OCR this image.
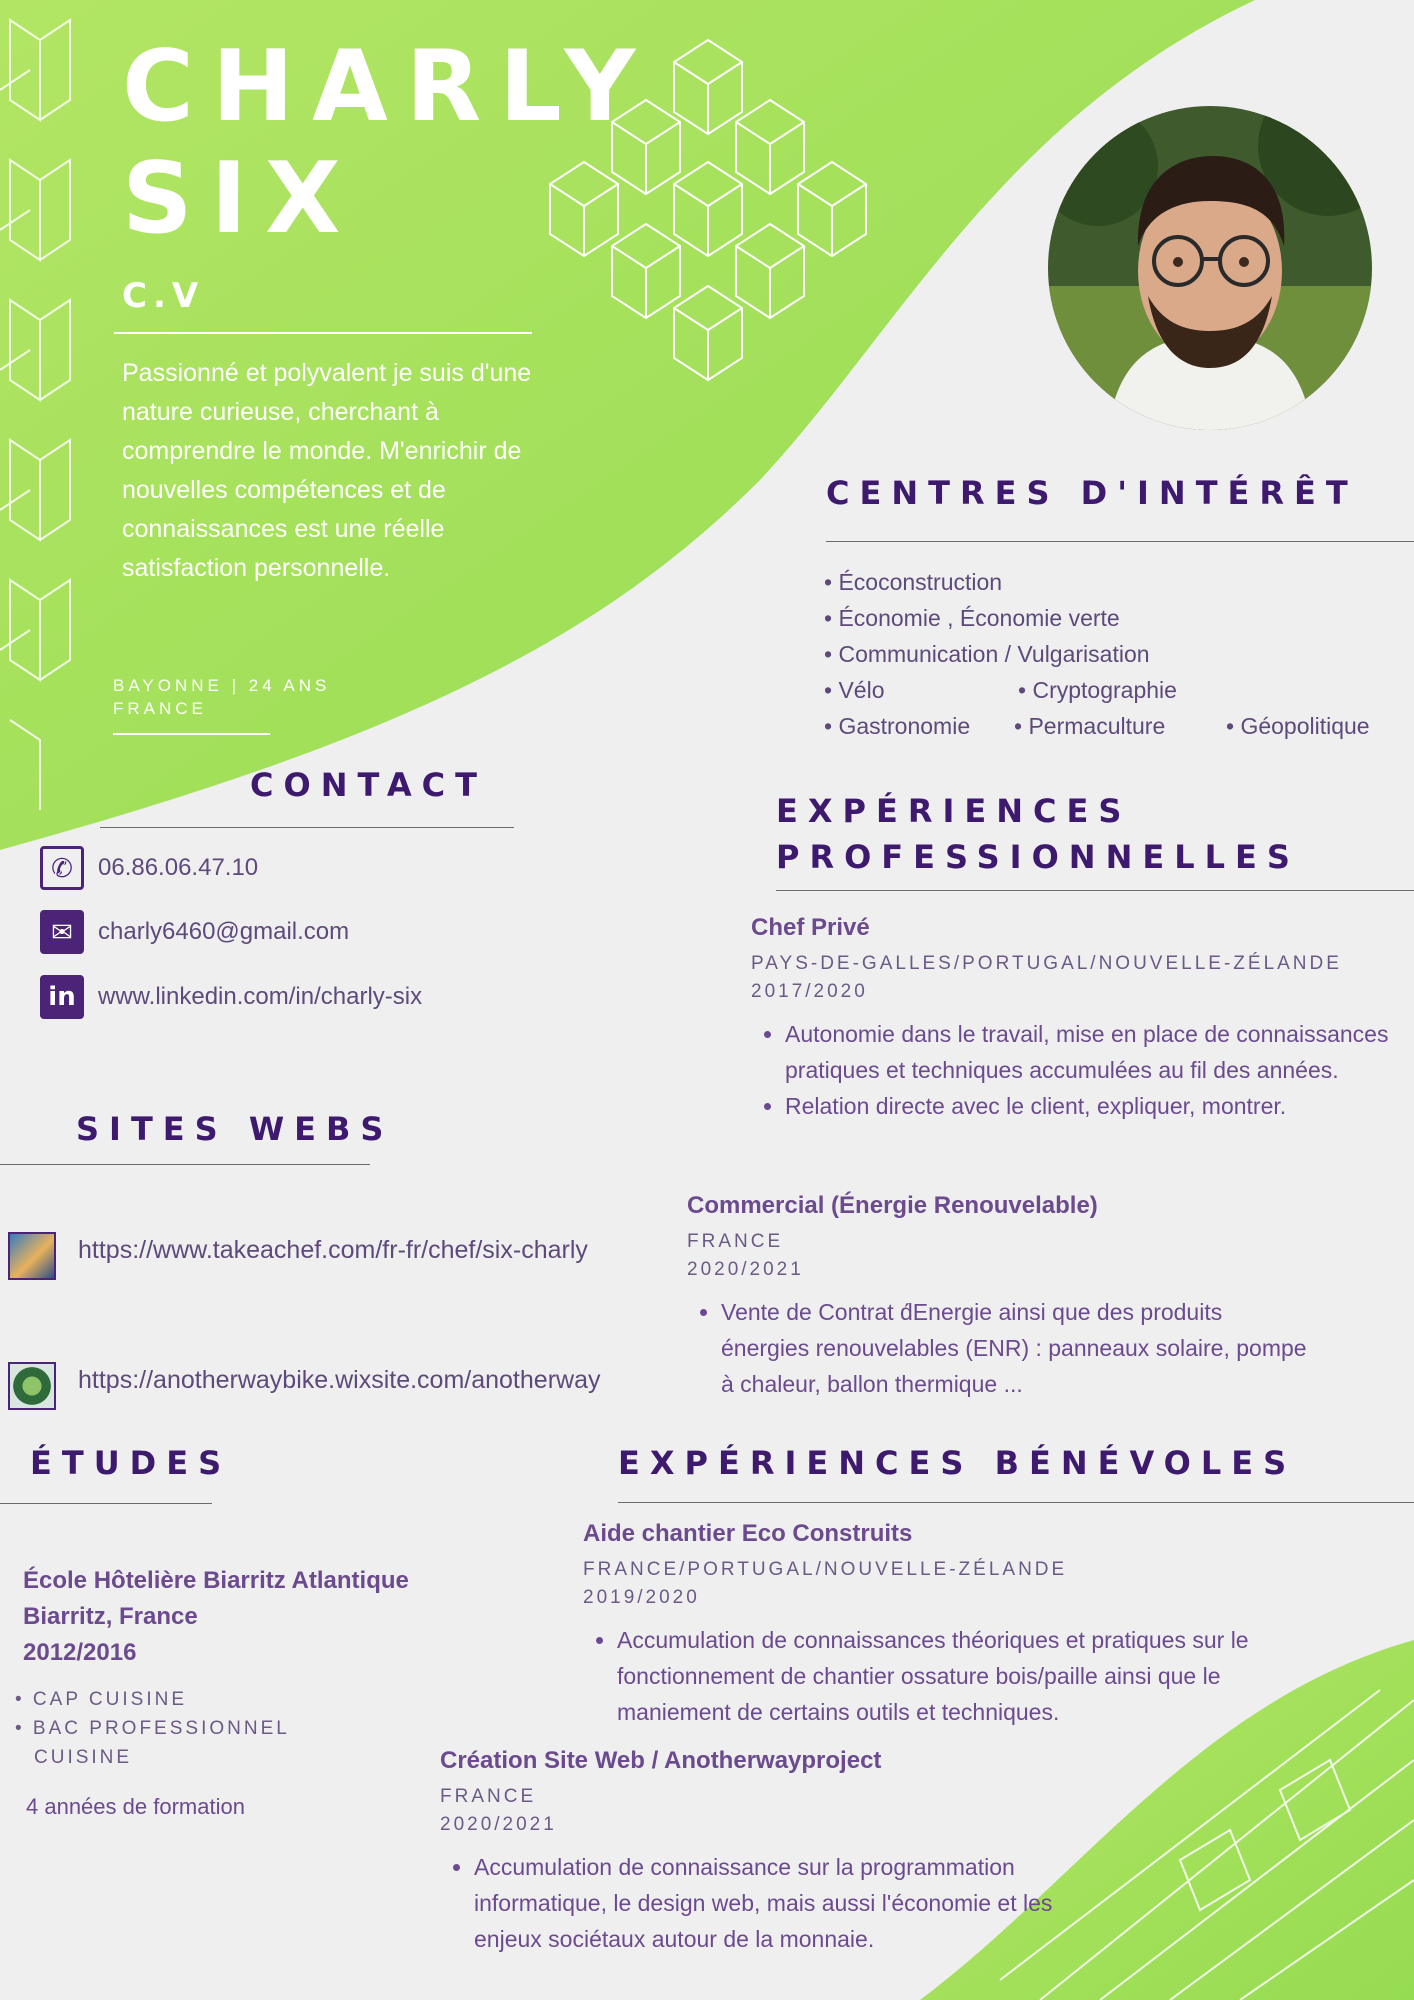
CHARLY
SIX
C.V
Passionné et polyvalent je suis d'une nature curieuse, cherchant à comprendre le monde. M'enrichir de nouvelles compétences et de connaissances est une réelle satisfaction personnelle.
BAYONNE | 24 ANS
FRANCE
CENTRES D'INTÉRÊT
• Écoconstruction
• Économie , Économie verte
• Communication / Vulgarisation
• Vélo	• Cryptographie
• Gastronomie • Permaculture	• Géopolitique
CONTACT
✆	06.86.06.47.10
✉	charly6460@gmail.com
in www.linkedin.com/in/charly-six
SITES WEBS
https://www.takeachef.com/fr-fr/chef/six-charly
https://anotherwaybike.wixsite.com/anotherway
EXPÉRIENCES
PROFESSIONNELLES
Chef Privé
PAYS-DE-GALLES/PORTUGAL/NOUVELLE-ZÉLANDE
2017/2020
• Autonomie dans le travail, mise en place de connaissances pratiques et techniques accumulées au fil des années.
• Relation directe avec le client, expliquer, montrer.
Commercial (Énergie Renouvelable)
FRANCE
2020/2021
• Vente de Contrat d́Energie ainsi que des produits énergies renouvelables (ENR) : panneaux solaire, pompe à chaleur, ballon thermique ...
ÉTUDES
École Hôtelière Biarritz Atlantique
Biarritz, France
2012/2016
• CAP CUISINE
• BAC PROFESSIONNEL
CUISINE
4 années de formation
EXPÉRIENCES BÉNÉVOLES
Aide chantier Eco Construits
FRANCE/PORTUGAL/NOUVELLE-ZÉLANDE
2019/2020
• Accumulation de connaissances théoriques et pratiques sur le fonctionnement de chantier ossature bois/paille ainsi que le maniement de certains outils et techniques.
Création Site Web / Anotherwayproject
FRANCE
2020/2021
• Accumulation de connaissance sur la programmation informatique, le design web, mais aussi l'économie et les enjeux sociétaux autour de la monnaie.
